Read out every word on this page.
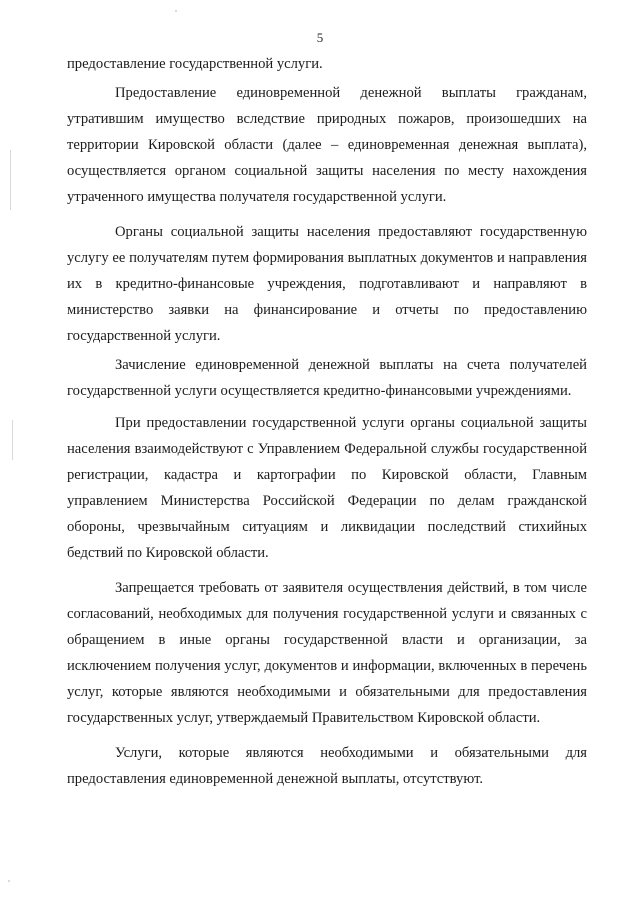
5

предоставление государственной услуги.

Предоставление единовременной денежной выплаты гражданам, утратившим имущество вследствие природных пожаров, произошедших на территории Кировской области (далее – единовременная денежная выплата), осуществляется органом социальной защиты населения по месту нахождения утраченного имущества получателя государственной услуги.

Органы социальной защиты населения предоставляют государственную услугу ее получателям путем формирования выплатных документов и направления их в кредитно-финансовые учреждения, подготавливают и направляют в министерство заявки на финансирование и отчеты по предоставлению государственной услуги.

Зачисление единовременной денежной выплаты на счета получателей государственной услуги осуществляется кредитно-финансовыми учреждениями.

При предоставлении государственной услуги органы социальной защиты населения взаимодействуют с Управлением Федеральной службы государственной регистрации, кадастра и картографии по Кировской области, Главным управлением Министерства Российской Федерации по делам гражданской обороны, чрезвычайным ситуациям и ликвидации последствий стихийных бедствий по Кировской области.

Запрещается требовать от заявителя осуществления действий, в том числе согласований, необходимых для получения государственной услуги и связанных с обращением в иные органы государственной власти и организации, за исключением получения услуг, документов и информации, включенных в перечень услуг, которые являются необходимыми и обязательными для предоставления государственных услуг, утверждаемый Правительством Кировской области.

Услуги, которые являются необходимыми и обязательными для предоставления единовременной денежной выплаты, отсутствуют.
